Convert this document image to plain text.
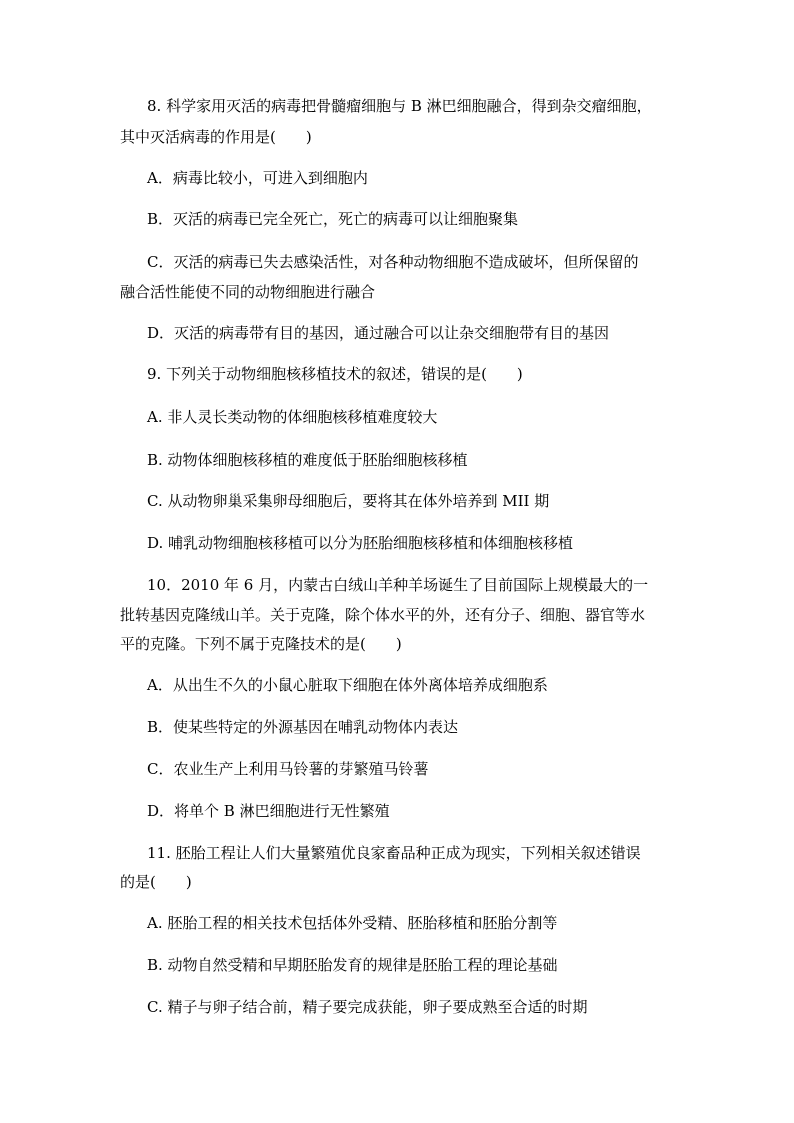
8. 科学家用灭活的病毒把骨髓瘤细胞与 B 淋巴细胞融合，得到杂交瘤细胞，
其中灭活病毒的作用是(　　)
A．病毒比较小，可进入到细胞内
B．灭活的病毒已完全死亡，死亡的病毒可以让细胞聚集
C．灭活的病毒已失去感染活性，对各种动物细胞不造成破坏，但所保留的
融合活性能使不同的动物细胞进行融合
D．灭活的病毒带有目的基因，通过融合可以让杂交细胞带有目的基因
9. 下列关于动物细胞核移植技术的叙述，错误的是(　　)
A. 非人灵长类动物的体细胞核移植难度较大
B. 动物体细胞核移植的难度低于胚胎细胞核移植
C. 从动物卵巢采集卵母细胞后，要将其在体外培养到 MII 期
D. 哺乳动物细胞核移植可以分为胚胎细胞核移植和体细胞核移植
10．2010 年 6 月，内蒙古白绒山羊种羊场诞生了目前国际上规模最大的一
批转基因克隆绒山羊。关于克隆，除个体水平的外，还有分子、细胞、器官等水
平的克隆。下列不属于克隆技术的是(　　)
A．从出生不久的小鼠心脏取下细胞在体外离体培养成细胞系
B．使某些特定的外源基因在哺乳动物体内表达
C．农业生产上利用马铃薯的芽繁殖马铃薯
D．将单个 B 淋巴细胞进行无性繁殖
11. 胚胎工程让人们大量繁殖优良家畜品种正成为现实，下列相关叙述错误
的是(　　)
A. 胚胎工程的相关技术包括体外受精、胚胎移植和胚胎分割等
B. 动物自然受精和早期胚胎发育的规律是胚胎工程的理论基础
C. 精子与卵子结合前，精子要完成获能，卵子要成熟至合适的时期
